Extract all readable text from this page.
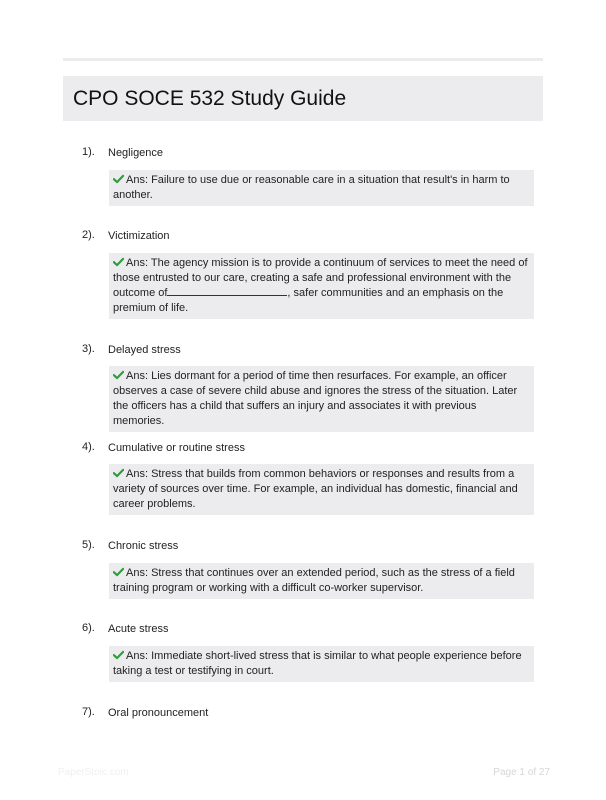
CPO SOCE 532 Study Guide
1). Negligence
Ans: Failure to use due or reasonable care in a situation that result's in harm to another.
2). Victimization
Ans: The agency mission is to provide a continuum of services to meet the need of those entrusted to our care, creating a safe and professional environment with the outcome of	, safer communities and an emphasis on the premium of life.
3). Delayed stress
Ans: Lies dormant for a period of time then resurfaces. For example, an officer observes a case of severe child abuse and ignores the stress of the situation. Later the officers has a child that suffers an injury and associates it with previous memories.
4). Cumulative or routine stress
Ans: Stress that builds from common behaviors or responses and results from a variety of sources over time. For example, an individual has domestic, financial and career problems.
5). Chronic stress
Ans: Stress that continues over an extended period, such as the stress of a field training program or working with a difficult co-worker supervisor.
6). Acute stress
Ans: Immediate short-lived stress that is similar to what people experience before taking a test or testifying in court.
7). Oral pronouncement
PaperStoic.com	Page 1 of 27
